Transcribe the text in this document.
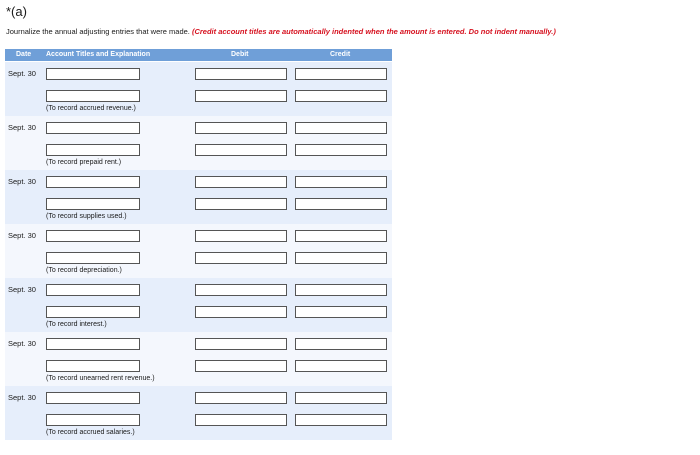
*(a)
Journalize the annual adjusting entries that were made. (Credit account titles are automatically indented when the amount is entered. Do not indent manually.)
Date Account Titles and Explanation	Debit	Credit
Sept. 30
(To record accrued revenue.)
Sept. 30
(To record prepaid rent.)
Sept. 30
(To record supplies used.)
Sept. 30
(To record depreciation.)
Sept. 30
(To record interest.)
Sept. 30
(To record unearned rent revenue.)
Sept. 30
(To record accrued salaries.)
